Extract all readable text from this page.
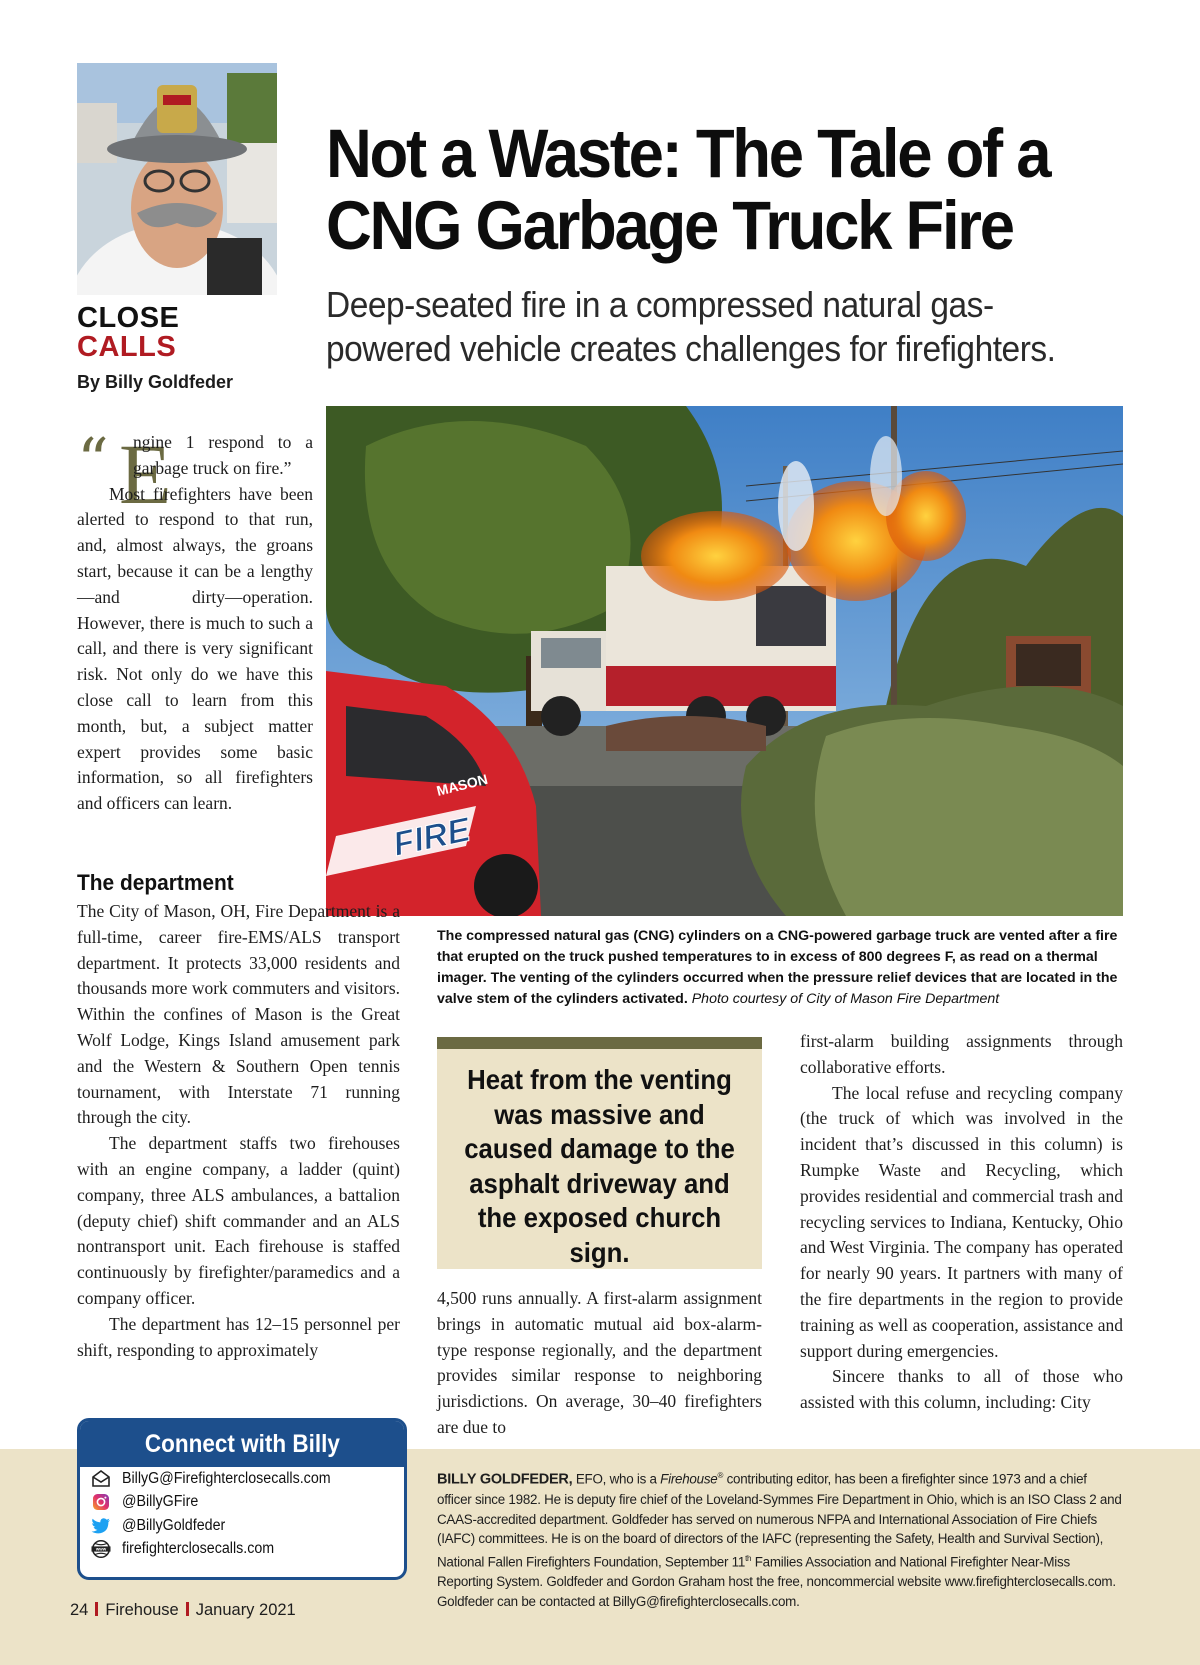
CLOSE
CALLS
By Billy Goldfeder
Not a Waste: The Tale of a CNG Garbage Truck Fire
Deep-seated fire in a compressed natural gas-powered vehicle creates challenges for firefighters.
MASON
FIRE
The compressed natural gas (CNG) cylinders on a CNG-powered garbage truck are vented after a fire that erupted on the truck pushed temperatures to in excess of 800 degrees F, as read on a thermal imager. The venting of the cylinders occurred when the pressure relief devices that are located in the valve stem of the cylinders activated. Photo courtesy of City of Mason Fire Department
“ E

ngine 1 respond to a garbage truck on fire.”

Most firefighters have been alerted to respond to that run, and, almost always, the groans start, because it can be a lengthy—and dirty—operation. However, there is much to such a call, and there is very significant risk. Not only do we have this close call to learn from this month, but, a subject matter expert provides some basic information, so all firefighters and officers can learn.

The department

The City of Mason, OH, Fire Department is a full-time, career fire-EMS/ALS transport department. It protects 33,000 residents and thousands more work commuters and visitors. Within the confines of Mason is the Great Wolf Lodge, Kings Island amusement park and the Western & Southern Open tennis tournament, with Interstate 71 running through the city.

The department staffs two firehouses with an engine company, a ladder (quint) company, three ALS ambulances, a battalion (deputy chief) shift commander and an ALS nontransport unit. Each firehouse is staffed continuously by firefighter/paramedics and a company officer.

The department has 12–15 personnel per shift, responding to approximately

Heat from the venting was massive and caused damage to the asphalt driveway and the exposed church sign.

4,500 runs annually. A first-alarm assignment brings in automatic mutual aid box-alarm-type response regionally, and the department provides similar response to neighboring jurisdictions. On average, 30–40 firefighters are due to

first-alarm building assignments through collaborative efforts.

The local refuse and recycling company (the truck of which was involved in the incident that’s discussed in this column) is Rumpke Waste and Recycling, which provides residential and commercial trash and recycling services to Indiana, Kentucky, Ohio and West Virginia. The company has operated for nearly 90 years. It partners with many of the fire departments in the region to provide training as well as cooperation, assistance and support during emergencies.

Sincere thanks to all of those who assisted with this column, including: City

Connect with Billy
BillyG@Firefighterclosecalls.com
@BillyGFire
@BillyGoldfeder
www firefighterclosecalls.com
BILLY GOLDFEDER, EFO, who is a Firehouse® contributing editor, has been a firefighter since 1973 and a chief officer since 1982. He is deputy fire chief of the Loveland-Symmes Fire Department in Ohio, which is an ISO Class 2 and CAAS-accredited department. Goldfeder has served on numerous NFPA and International Association of Fire Chiefs (IAFC) committees. He is on the board of directors of the IAFC (representing the Safety, Health and Survival Section), National Fallen Firefighters Foundation, September 11th Families Association and National Firefighter Near-Miss Reporting System. Goldfeder and Gordon Graham host the free, noncommercial website www.firefighterclosecalls.com. Goldfeder can be contacted at BillyG@firefighterclosecalls.com.
24 Firehouse January 2021
